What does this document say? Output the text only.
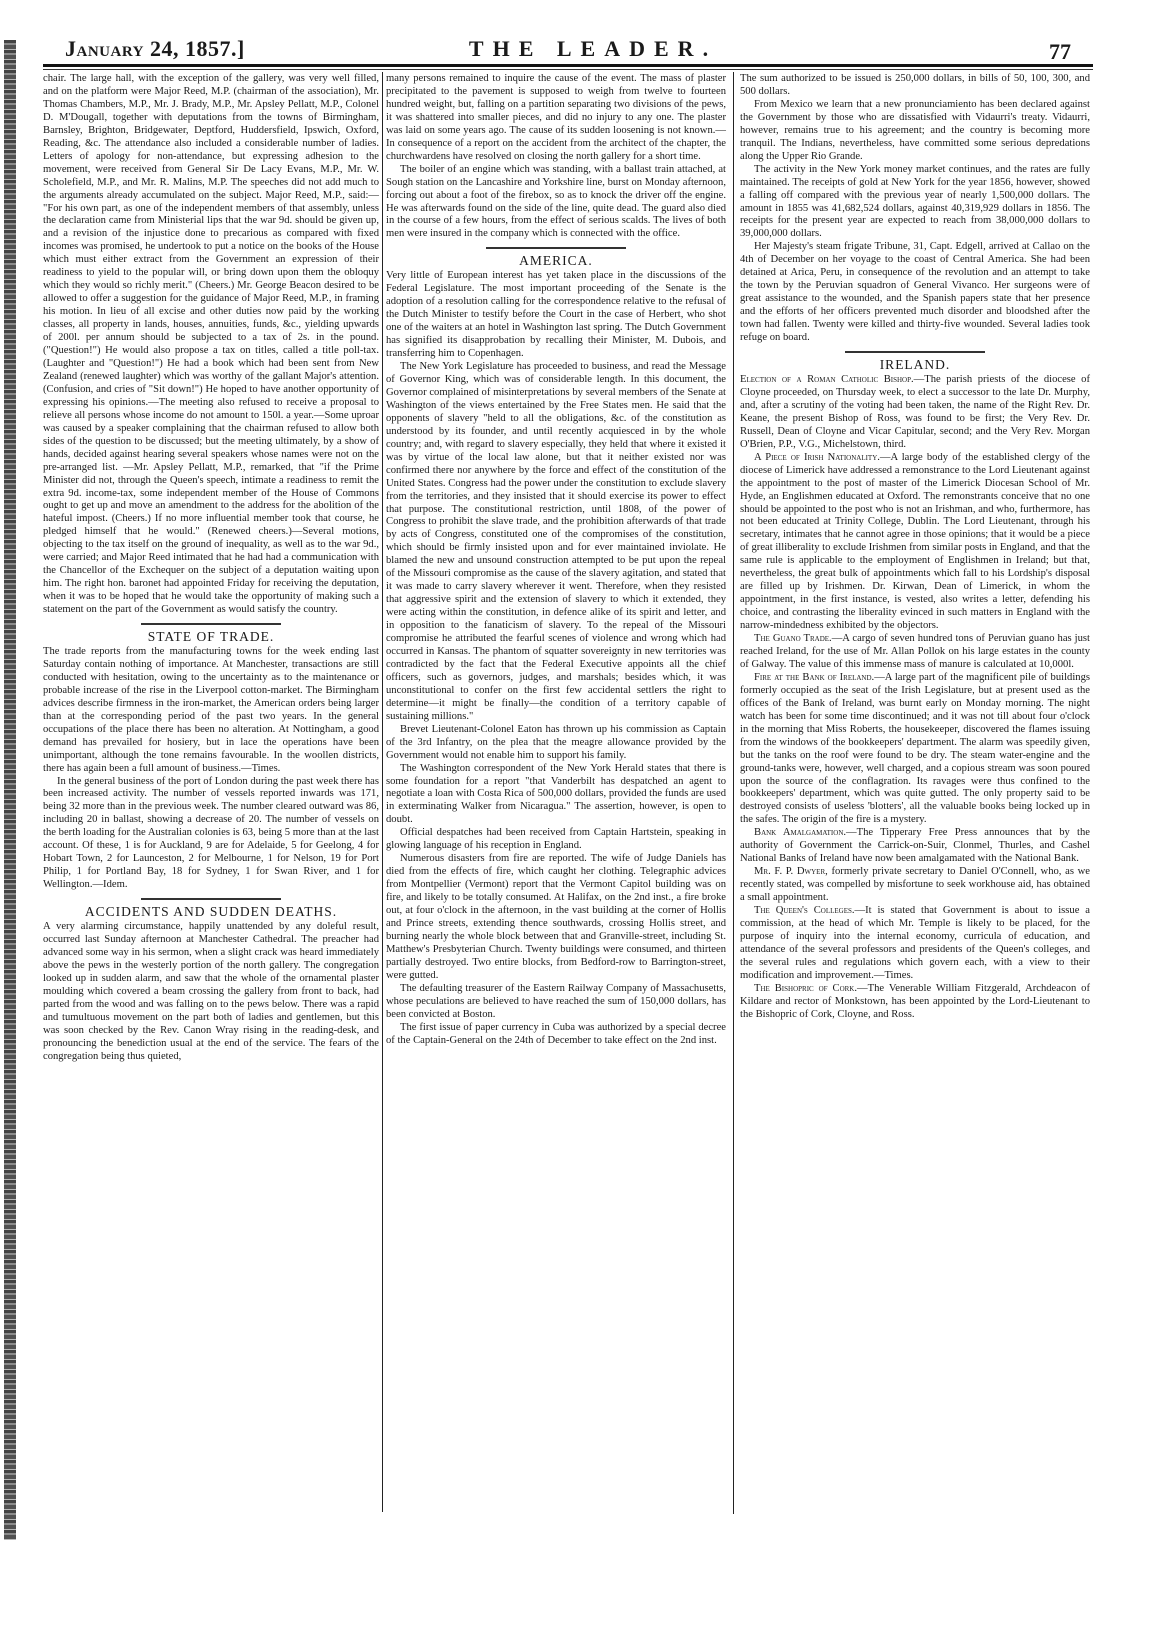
January 24, 1857.]	THE LEADER.	77

chair. The large hall, with the exception of the gallery, was very well filled, and on the platform were Major Reed, M.P. (chairman of the association), Mr. Thomas Chambers, M.P., Mr. J. Brady, M.P., Mr. Apsley Pellatt, M.P., Colonel D. M'Dougall, together with deputations from the towns of Birmingham, Barnsley, Brighton, Bridgewater, Deptford, Huddersfield, Ipswich, Oxford, Reading, &c. The attendance also included a considerable number of ladies. Letters of apology for non-attendance, but expressing adhesion to the movement, were received from General Sir De Lacy Evans, M.P., Mr. W. Scholefield, M.P., and Mr. R. Malins, M.P. The speeches did not add much to the arguments already accumulated on the subject. Major Reed, M.P., said:— "For his own part, as one of the independent members of that assembly, unless the declaration came from Ministerial lips that the war 9d. should be given up, and a revision of the injustice done to precarious as compared with fixed incomes was promised, he undertook to put a notice on the books of the House which must either extract from the Government an expression of their readiness to yield to the popular will, or bring down upon them the obloquy which they would so richly merit." (Cheers.) Mr. George Beacon desired to be allowed to offer a suggestion for the guidance of Major Reed, M.P., in framing his motion. In lieu of all excise and other duties now paid by the working classes, all property in lands, houses, annuities, funds, &c., yielding upwards of 200l. per annum should be subjected to a tax of 2s. in the pound. ("Question!") He would also propose a tax on titles, called a title poll-tax. (Laughter and "Question!") He had a book which had been sent from New Zealand (renewed laughter) which was worthy of the gallant Major's attention. (Confusion, and cries of "Sit down!") He hoped to have another opportunity of expressing his opinions.—The meeting also refused to receive a proposal to relieve all persons whose income do not amount to 150l. a year.—Some uproar was caused by a speaker complaining that the chairman refused to allow both sides of the question to be discussed; but the meeting ultimately, by a show of hands, decided against hearing several speakers whose names were not on the pre-arranged list. —Mr. Apsley Pellatt, M.P., remarked, that "if the Prime Minister did not, through the Queen's speech, intimate a readiness to remit the extra 9d. income-tax, some independent member of the House of Commons ought to get up and move an amendment to the address for the abolition of the hateful impost. (Cheers.) If no more influential member took that course, he pledged himself that he would." (Renewed cheers.)—Several motions, objecting to the tax itself on the ground of inequality, as well as to the war 9d., were carried; and Major Reed intimated that he had had a communication with the Chancellor of the Exchequer on the subject of a deputation waiting upon him. The right hon. baronet had appointed Friday for receiving the deputation, when it was to be hoped that he would take the opportunity of making such a statement on the part of the Government as would satisfy the country.

STATE OF TRADE.

The trade reports from the manufacturing towns for the week ending last Saturday contain nothing of importance. At Manchester, transactions are still conducted with hesitation, owing to the uncertainty as to the maintenance or probable increase of the rise in the Liverpool cotton-market. The Birmingham advices describe firmness in the iron-market, the American orders being larger than at the corresponding period of the past two years. In the general occupations of the place there has been no alteration. At Nottingham, a good demand has prevailed for hosiery, but in lace the operations have been unimportant, although the tone remains favourable. In the woollen districts, there has again been a full amount of business.—Times.

In the general business of the port of London during the past week there has been increased activity. The number of vessels reported inwards was 171, being 32 more than in the previous week. The number cleared outward was 86, including 20 in ballast, showing a decrease of 20. The number of vessels on the berth loading for the Australian colonies is 63, being 5 more than at the last account. Of these, 1 is for Auckland, 9 are for Adelaide, 5 for Geelong, 4 for Hobart Town, 2 for Launceston, 2 for Melbourne, 1 for Nelson, 19 for Port Philip, 1 for Portland Bay, 18 for Sydney, 1 for Swan River, and 1 for Wellington.—Idem.

ACCIDENTS AND SUDDEN DEATHS.

A very alarming circumstance, happily unattended by any doleful result, occurred last Sunday afternoon at Manchester Cathedral. The preacher had advanced some way in his sermon, when a slight crack was heard immediately above the pews in the westerly portion of the north gallery. The congregation looked up in sudden alarm, and saw that the whole of the ornamental plaster moulding which covered a beam crossing the gallery from front to back, had parted from the wood and was falling on to the pews below. There was a rapid and tumultuous movement on the part both of ladies and gentlemen, but this was soon checked by the Rev. Canon Wray rising in the reading-desk, and pronouncing the benediction usual at the end of the service. The fears of the congregation being thus quieted,

many persons remained to inquire the cause of the event. The mass of plaster precipitated to the pavement is supposed to weigh from twelve to fourteen hundred weight, but, falling on a partition separating two divisions of the pews, it was shattered into smaller pieces, and did no injury to any one. The plaster was laid on some years ago. The cause of its sudden loosening is not known.—In consequence of a report on the accident from the architect of the chapter, the churchwardens have resolved on closing the north gallery for a short time.

The boiler of an engine which was standing, with a ballast train attached, at Sough station on the Lancashire and Yorkshire line, burst on Monday afternoon, forcing out about a foot of the firebox, so as to knock the driver off the engine. He was afterwards found on the side of the line, quite dead. The guard also died in the course of a few hours, from the effect of serious scalds. The lives of both men were insured in the company which is connected with the office.

AMERICA.

Very little of European interest has yet taken place in the discussions of the Federal Legislature. The most important proceeding of the Senate is the adoption of a resolution calling for the correspondence relative to the refusal of the Dutch Minister to testify before the Court in the case of Herbert, who shot one of the waiters at an hotel in Washington last spring. The Dutch Government has signified its disapprobation by recalling their Minister, M. Dubois, and transferring him to Copenhagen.

The New York Legislature has proceeded to business, and read the Message of Governor King, which was of considerable length. In this document, the Governor complained of misinterpretations by several members of the Senate at Washington of the views entertained by the Free States men. He said that the opponents of slavery "held to all the obligations, &c. of the constitution as understood by its founder, and until recently acquiesced in by the whole country; and, with regard to slavery especially, they held that where it existed it was by virtue of the local law alone, but that it neither existed nor was confirmed there nor anywhere by the force and effect of the constitution of the United States. Congress had the power under the constitution to exclude slavery from the territories, and they insisted that it should exercise its power to effect that purpose. The constitutional restriction, until 1808, of the power of Congress to prohibit the slave trade, and the prohibition afterwards of that trade by acts of Congress, constituted one of the compromises of the constitution, which should be firmly insisted upon and for ever maintained inviolate. He blamed the new and unsound construction attempted to be put upon the repeal of the Missouri compromise as the cause of the slavery agitation, and stated that it was made to carry slavery wherever it went. Therefore, when they resisted that aggressive spirit and the extension of slavery to which it extended, they were acting within the constitution, in defence alike of its spirit and letter, and in opposition to the fanaticism of slavery. To the repeal of the Missouri compromise he attributed the fearful scenes of violence and wrong which had occurred in Kansas. The phantom of squatter sovereignty in new territories was contradicted by the fact that the Federal Executive appoints all the chief officers, such as governors, judges, and marshals; besides which, it was unconstitutional to confer on the first few accidental settlers the right to determine—it might be finally—the condition of a territory capable of sustaining millions."

Brevet Lieutenant-Colonel Eaton has thrown up his commission as Captain of the 3rd Infantry, on the plea that the meagre allowance provided by the Government would not enable him to support his family.

The Washington correspondent of the New York Herald states that there is some foundation for a report "that Vanderbilt has despatched an agent to negotiate a loan with Costa Rica of 500,000 dollars, provided the funds are used in exterminating Walker from Nicaragua." The assertion, however, is open to doubt.

Official despatches had been received from Captain Hartstein, speaking in glowing language of his reception in England.

Numerous disasters from fire are reported. The wife of Judge Daniels has died from the effects of fire, which caught her clothing. Telegraphic advices from Montpellier (Vermont) report that the Vermont Capitol building was on fire, and likely to be totally consumed. At Halifax, on the 2nd inst., a fire broke out, at four o'clock in the afternoon, in the vast building at the corner of Hollis and Prince streets, extending thence southwards, crossing Hollis street, and burning nearly the whole block between that and Granville-street, including St. Matthew's Presbyterian Church. Twenty buildings were consumed, and thirteen partially destroyed. Two entire blocks, from Bedford-row to Barrington-street, were gutted.

The defaulting treasurer of the Eastern Railway Company of Massachusetts, whose peculations are believed to have reached the sum of 150,000 dollars, has been convicted at Boston.

The first issue of paper currency in Cuba was authorized by a special decree of the Captain-General on the 24th of December to take effect on the 2nd inst.

The sum authorized to be issued is 250,000 dollars, in bills of 50, 100, 300, and 500 dollars.

From Mexico we learn that a new pronunciamiento has been declared against the Government by those who are dissatisfied with Vidaurri's treaty. Vidaurri, however, remains true to his agreement; and the country is becoming more tranquil. The Indians, nevertheless, have committed some serious depredations along the Upper Rio Grande.

The activity in the New York money market continues, and the rates are fully maintained. The receipts of gold at New York for the year 1856, however, showed a falling off compared with the previous year of nearly 1,500,000 dollars. The amount in 1855 was 41,682,524 dollars, against 40,319,929 dollars in 1856. The receipts for the present year are expected to reach from 38,000,000 dollars to 39,000,000 dollars.

Her Majesty's steam frigate Tribune, 31, Capt. Edgell, arrived at Callao on the 4th of December on her voyage to the coast of Central America. She had been detained at Arica, Peru, in consequence of the revolution and an attempt to take the town by the Peruvian squadron of General Vivanco. Her surgeons were of great assistance to the wounded, and the Spanish papers state that her presence and the efforts of her officers prevented much disorder and bloodshed after the town had fallen. Twenty were killed and thirty-five wounded. Several ladies took refuge on board.

IRELAND.

Election of a Roman Catholic Bishop.—The parish priests of the diocese of Cloyne proceeded, on Thursday week, to elect a successor to the late Dr. Murphy, and, after a scrutiny of the voting had been taken, the name of the Right Rev. Dr. Keane, the present Bishop of Ross, was found to be first; the Very Rev. Dr. Russell, Dean of Cloyne and Vicar Capitular, second; and the Very Rev. Morgan O'Brien, P.P., V.G., Michelstown, third.

A Piece of Irish Nationality.—A large body of the established clergy of the diocese of Limerick have addressed a remonstrance to the Lord Lieutenant against the appointment to the post of master of the Limerick Diocesan School of Mr. Hyde, an Englishmen educated at Oxford. The remonstrants conceive that no one should be appointed to the post who is not an Irishman, and who, furthermore, has not been educated at Trinity College, Dublin. The Lord Lieutenant, through his secretary, intimates that he cannot agree in those opinions; that it would be a piece of great illiberality to exclude Irishmen from similar posts in England, and that the same rule is applicable to the employment of Englishmen in Ireland; but that, nevertheless, the great bulk of appointments which fall to his Lordship's disposal are filled up by Irishmen. Dr. Kirwan, Dean of Limerick, in whom the appointment, in the first instance, is vested, also writes a letter, defending his choice, and contrasting the liberality evinced in such matters in England with the narrow-mindedness exhibited by the objectors.

The Guano Trade.—A cargo of seven hundred tons of Peruvian guano has just reached Ireland, for the use of Mr. Allan Pollok on his large estates in the county of Galway. The value of this immense mass of manure is calculated at 10,000l.

Fire at the Bank of Ireland.—A large part of the magnificent pile of buildings formerly occupied as the seat of the Irish Legislature, but at present used as the offices of the Bank of Ireland, was burnt early on Monday morning. The night watch has been for some time discontinued; and it was not till about four o'clock in the morning that Miss Roberts, the housekeeper, discovered the flames issuing from the windows of the bookkeepers' department. The alarm was speedily given, but the tanks on the roof were found to be dry. The steam water-engine and the ground-tanks were, however, well charged, and a copious stream was soon poured upon the source of the conflagration. Its ravages were thus confined to the bookkeepers' department, which was quite gutted. The only property said to be destroyed consists of useless 'blotters', all the valuable books being locked up in the safes. The origin of the fire is a mystery.

Bank Amalgamation.—The Tipperary Free Press announces that by the authority of Government the Carrick-on-Suir, Clonmel, Thurles, and Cashel National Banks of Ireland have now been amalgamated with the National Bank.

Mr. F. P. Dwyer, formerly private secretary to Daniel O'Connell, who, as we recently stated, was compelled by misfortune to seek workhouse aid, has obtained a small appointment.

The Queen's Colleges.—It is stated that Government is about to issue a commission, at the head of which Mr. Temple is likely to be placed, for the purpose of inquiry into the internal economy, curricula of education, and attendance of the several professors and presidents of the Queen's colleges, and the several rules and regulations which govern each, with a view to their modification and improvement.—Times.

The Bishopric of Cork.—The Venerable William Fitzgerald, Archdeacon of Kildare and rector of Monkstown, has been appointed by the Lord-Lieutenant to the Bishopric of Cork, Cloyne, and Ross.
